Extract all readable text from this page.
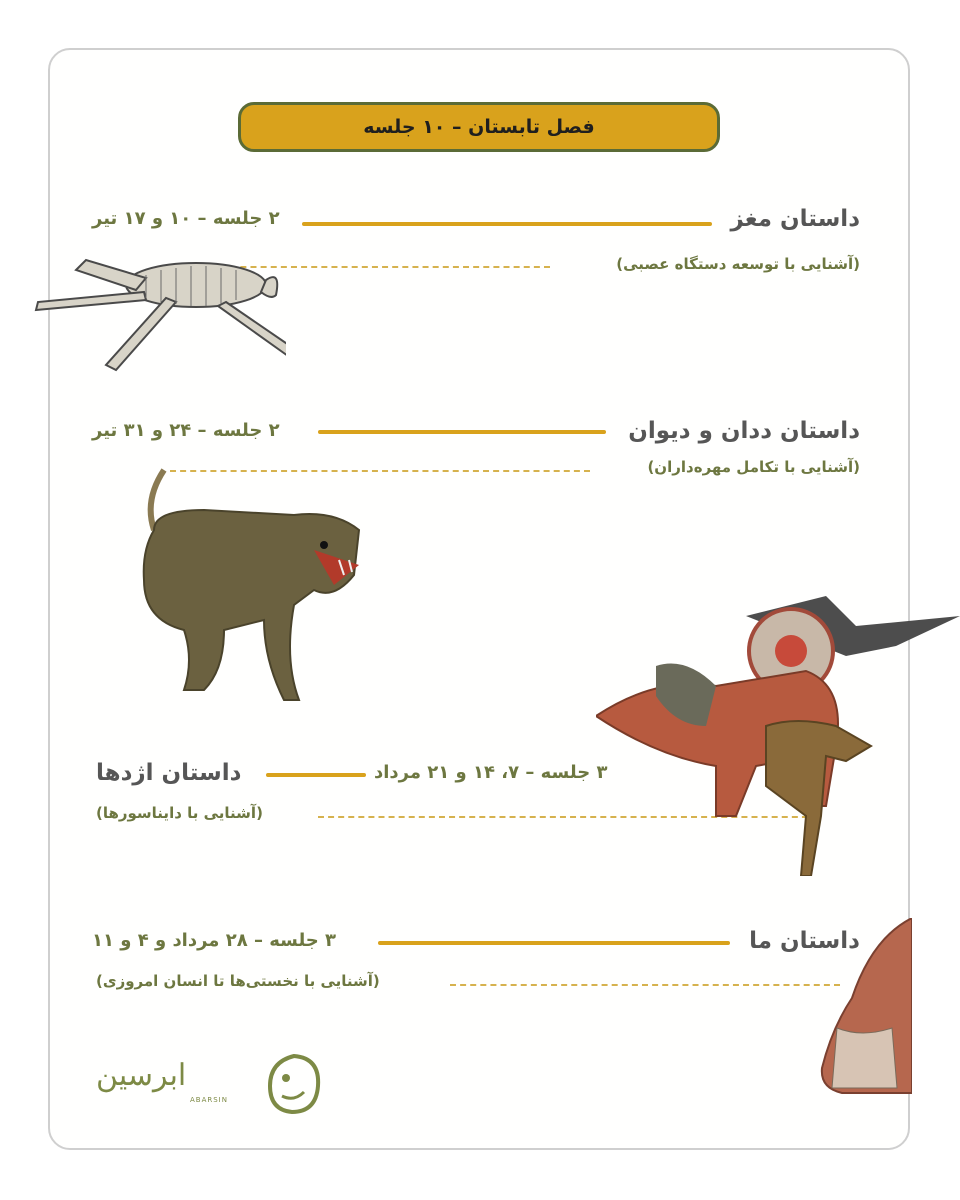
فصل تابستان – ۱۰ جلسه
داستان مغز
۲ جلسه – ۱۰ و ۱۷ تیر
(آشنایی با توسعه دستگاه عصبی)
داستان ددان و دیوان
۲ جلسه – ۲۴ و ۳۱ تیر
(آشنایی با تکامل مهره‌داران)
داستان اژدها	۳ جلسه – ۷، ۱۴ و ۲۱ مرداد
(آشنایی با دایناسورها)
داستان ما
۳ جلسه – ۲۸ مرداد و ۴ و ۱۱
(آشنایی با نخستی‌ها تا انسان امروزی)
ابرسین
ABARSIN
